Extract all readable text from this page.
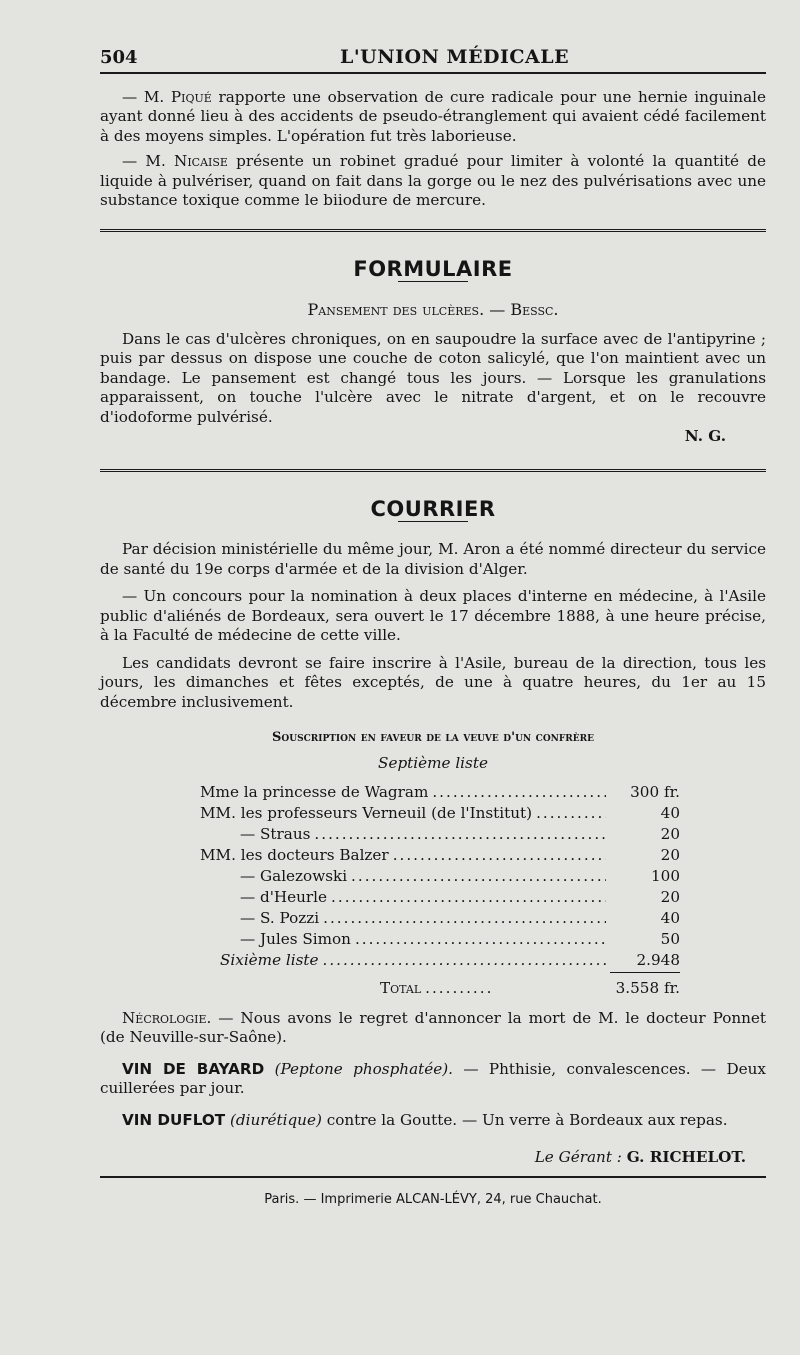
504	L'UNION MÉDICALE

— M. Piqué rapporte une observation de cure radicale pour une hernie inguinale ayant donné lieu à des accidents de pseudo-étranglement qui avaient cédé facilement à des moyens simples. L'opération fut très laborieuse.

— M. Nicaise présente un robinet gradué pour limiter à volonté la quantité de liquide à pulvériser, quand on fait dans la gorge ou le nez des pulvérisations avec une substance toxique comme le biiodure de mercure.

FORMULAIRE
Pansement des ulcères. — Bessc.

Dans le cas d'ulcères chroniques, on en saupoudre la surface avec de l'antipyrine ; puis par dessus on dispose une couche de coton salicylé, que l'on maintient avec un bandage. Le pansement est changé tous les jours. — Lorsque les granulations apparaissent, on touche l'ulcère avec le nitrate d'argent, et on le recouvre d'iodoforme pulvérisé.

N. G.
COURRIER

Par décision ministérielle du même jour, M. Aron a été nommé directeur du service de santé du 19e corps d'armée et de la division d'Alger.

— Un concours pour la nomination à deux places d'interne en médecine, à l'Asile public d'aliénés de Bordeaux, sera ouvert le 17 décembre 1888, à une heure précise, à la Faculté de médecine de cette ville.

Les candidats devront se faire inscrire à l'Asile, bureau de la direction, tous les jours, les dimanches et fêtes exceptés, de une à quatre heures, du 1er au 15 décembre inclusivement.

Souscription en faveur de la veuve d'un confrère
Septième liste
Mme la princesse de Wagram .....	300 fr.
MM. les professeurs Verneuil (de l'Institut) .....	40
— Straus .....	20
MM. les docteurs Balzer .....	20
— Galezowski .....	100
— d'Heurle .....	20
— S. Pozzi .....	40
— Jules Simon .....	50
Sixième liste .....	2.948
Total ..........	3.558 fr.

Nécrologie. — Nous avons le regret d'annoncer la mort de M. le docteur Ponnet (de Neuville-sur-Saône).

VIN DE BAYARD (Peptone phosphatée). — Phthisie, convalescences. — Deux cuillerées par jour.

VIN DUFLOT (diurétique) contre la Goutte. — Un verre à Bordeaux aux repas.

Le Gérant : G. RICHELOT.
Paris. — Imprimerie ALCAN-LÉVY, 24, rue Chauchat.
